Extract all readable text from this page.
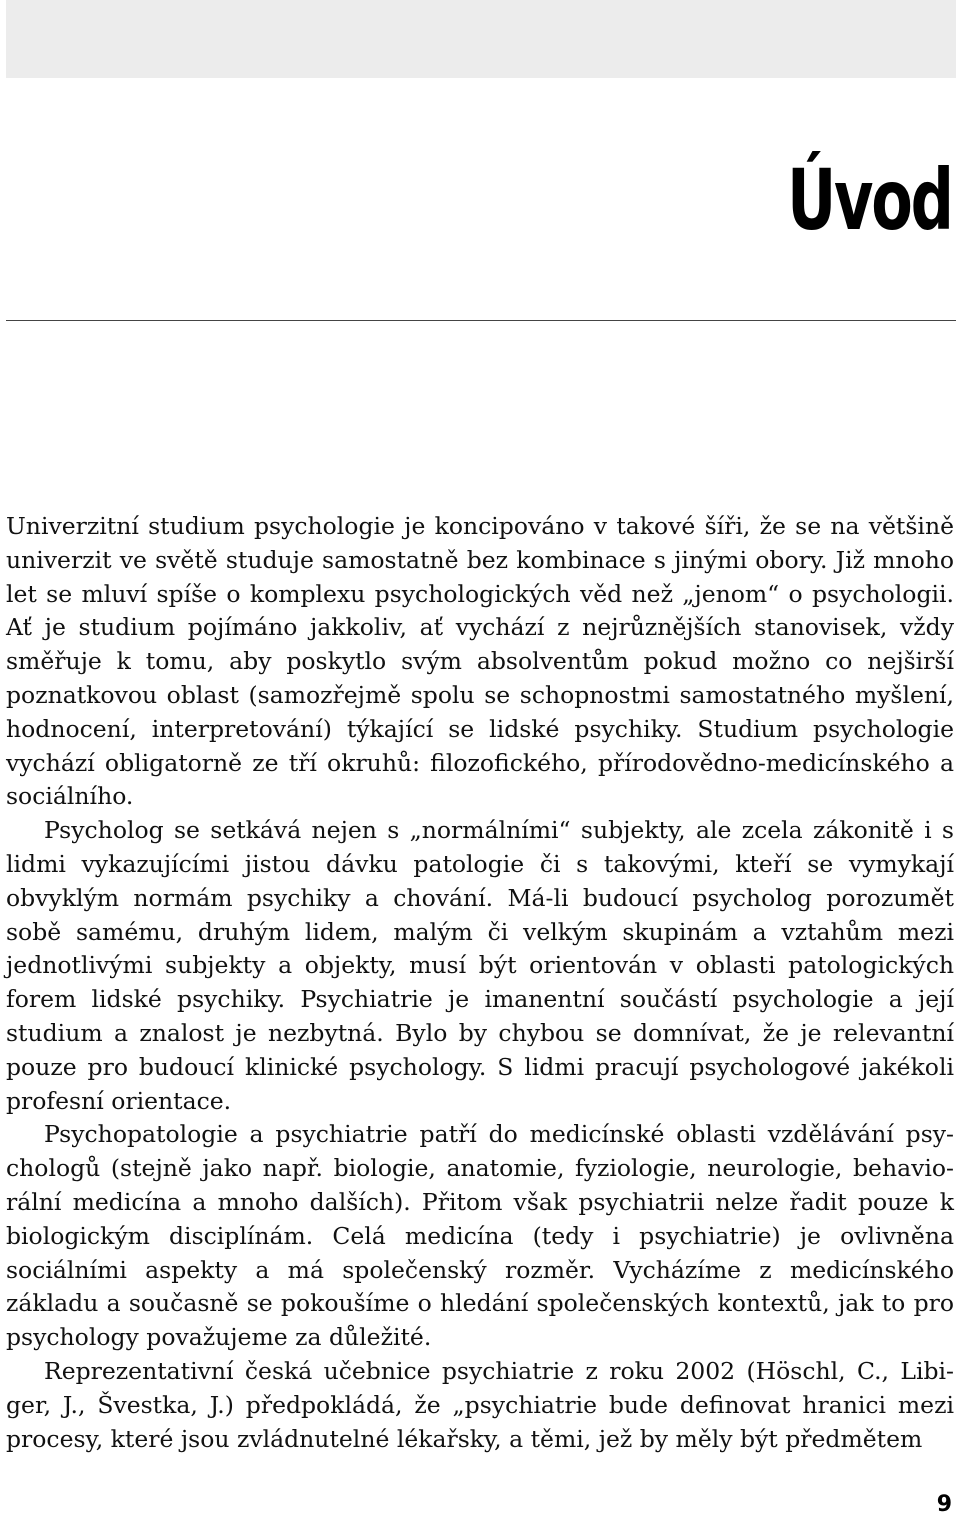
Úvod

Univerzitní studium psychologie je koncipováno v takové šíři, že se na většině univerzit ve světě studuje samostatně bez kombinace s jinými obory. Již mnoho let se mluví spíše o komplexu psychologických věd než „jenom“ o psychologii. Ať je studium pojímáno jakkoliv, ať vychází z nejrůznějších stanovisek, vždy směřuje k tomu, aby poskytlo svým absolventům pokud možno co nejširší poznatkovou oblast (samozřejmě spolu se schopnostmi samostatného myšlení, hodnocení, interpretování) týkající se lidské psychiky. Studium psychologie vychází obligatorně ze tří okruhů: filozofického, přírodovědno-medicínského a sociálního.

Psycholog se setkává nejen s „normálními“ subjekty, ale zcela zákonitě i s lidmi vykazujícími jistou dávku patologie či s takovými, kteří se vymykají obvyklým normám psychiky a chování. Má-li budoucí psycholog porozumět sobě samému, druhým lidem, malým či velkým skupinám a vztahům mezi jednotlivými subjekty a objekty, musí být orientován v oblasti patologických forem lidské psychiky. Psychiatrie je imanentní součástí psychologie a její studium a znalost je nezbytná. Bylo by chybou se domnívat, že je relevantní pouze pro budoucí klinické psychology. S lidmi pracují psychologové jakékoli profesní orientace.

Psychopatologie a psychiatrie patří do medicínské oblasti vzdělávání psychologů (stejně jako např. biologie, anatomie, fyziologie, neurologie, behaviorální medicína a mnoho dalších). Přitom však psychiatrii nelze řadit pouze k biologickým disciplínám. Celá medicína (tedy i psychiatrie) je ovlivněna sociálními aspekty a má společenský rozměr. Vycházíme z medicínského základu a současně se pokoušíme o hledání společenských kontextů, jak to pro psychology považujeme za důležité.

Reprezentativní česká učebnice psychiatrie z roku 2002 (Höschl, C., Libiger, J., Švestka, J.) předpokládá, že „psychiatrie bude definovat hranici mezi procesy, které jsou zvládnutelné lékařsky, a těmi, jež by měly být předmětem

9
